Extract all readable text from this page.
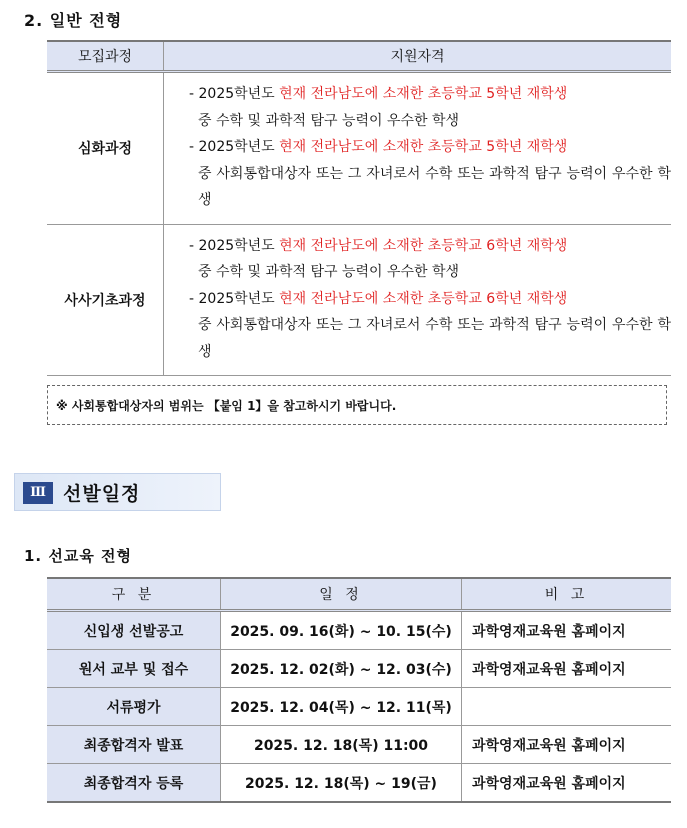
2. 일반 전형
모집과정	지원자격
심화과정	- 2025학년도 현재 전라남도에 소재한 초등학교 5학년 재학생
중 수학 및 과학적 탐구 능력이 우수한 학생
- 2025학년도 현재 전라남도에 소재한 초등학교 5학년 재학생
중 사회통합대상자 또는 그 자녀로서 수학 또는 과학적 탐구 능력이 우수한 학생

사사기초과정	- 2025학년도 현재 전라남도에 소재한 초등학교 6학년 재학생
중 수학 및 과학적 탐구 능력이 우수한 학생
- 2025학년도 현재 전라남도에 소재한 초등학교 6학년 재학생
중 사회통합대상자 또는 그 자녀로서 수학 또는 과학적 탐구 능력이 우수한 학생
※ 사회통합대상자의 범위는 【붙임 1】을 참고하시기 바랍니다.
Ⅲ 선발일정
1. 선교육 전형
구 분	일 정	비 고
신입생 선발공고	2025. 09. 16(화) ~ 10. 15(수)	과학영재교육원 홈페이지
원서 교부 및 접수	2025. 12. 02(화) ~ 12. 03(수)	과학영재교육원 홈페이지
서류평가	2025. 12. 04(목) ~ 12. 11(목)	
최종합격자 발표	2025. 12. 18(목) 11:00	과학영재교육원 홈페이지
최종합격자 등록	2025. 12. 18(목) ~ 19(금)	과학영재교육원 홈페이지
